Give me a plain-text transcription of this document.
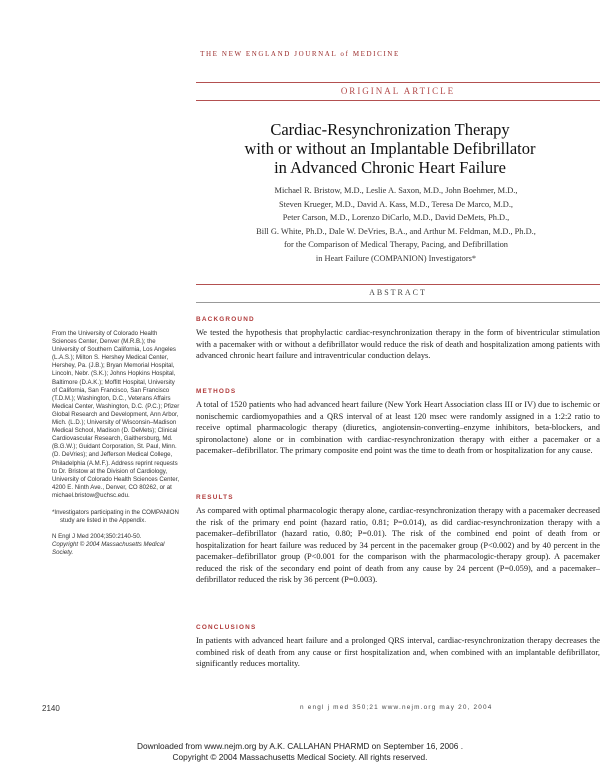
THE NEW ENGLAND JOURNAL of MEDICINE
ORIGINAL ARTICLE
Cardiac-Resynchronization Therapy
with or without an Implantable Defibrillator
in Advanced Chronic Heart Failure
Michael R. Bristow, M.D., Leslie A. Saxon, M.D., John Boehmer, M.D.,
Steven Krueger, M.D., David A. Kass, M.D., Teresa De Marco, M.D.,
Peter Carson, M.D., Lorenzo DiCarlo, M.D., David DeMets, Ph.D.,
Bill G. White, Ph.D., Dale W. DeVries, B.A., and Arthur M. Feldman, M.D., Ph.D.,
for the Comparison of Medical Therapy, Pacing, and Defibrillation
in Heart Failure (COMPANION) Investigators*
ABSTRACT
BACKGROUND
We tested the hypothesis that prophylactic cardiac-resynchronization therapy in the form of biventricular stimulation with a pacemaker with or without a defibrillator would reduce the risk of death and hospitalization among patients with advanced chronic heart failure and intraventricular conduction delays.
METHODS
A total of 1520 patients who had advanced heart failure (New York Heart Association class III or IV) due to ischemic or nonischemic cardiomyopathies and a QRS interval of at least 120 msec were randomly assigned in a 1:2:2 ratio to receive optimal pharmacologic therapy (diuretics, angiotensin-converting–enzyme inhibitors, beta-blockers, and spironolactone) alone or in combination with cardiac-resynchronization therapy with either a pacemaker or a pacemaker–defibrillator. The primary composite end point was the time to death from or hospitalization for any cause.
RESULTS
As compared with optimal pharmacologic therapy alone, cardiac-resynchronization therapy with a pacemaker decreased the risk of the primary end point (hazard ratio, 0.81; P=0.014), as did cardiac-resynchronization therapy with a pacemaker–defibrillator (hazard ratio, 0.80; P=0.01). The risk of the combined end point of death from or hospitalization for heart failure was reduced by 34 percent in the pacemaker group (P<0.002) and by 40 percent in the pacemaker–defibrillator group (P<0.001 for the comparison with the pharmacologic-therapy group). A pacemaker reduced the risk of the secondary end point of death from any cause by 24 percent (P=0.059), and a pacemaker–defibrillator reduced the risk by 36 percent (P=0.003).
CONCLUSIONS
In patients with advanced heart failure and a prolonged QRS interval, cardiac-resynchronization therapy decreases the combined risk of death from any cause or first hospitalization and, when combined with an implantable defibrillator, significantly reduces mortality.

From the University of Colorado Health Sciences Center, Denver (M.R.B.); the University of Southern California, Los Angeles (L.A.S.); Milton S. Hershey Medical Center, Hershey, Pa. (J.B.); Bryan Memorial Hospital, Lincoln, Nebr. (S.K.); Johns Hopkins Hospital, Baltimore (D.A.K.); Moffitt Hospital, University of California, San Francisco, San Francisco (T.D.M.); Washington, D.C., Veterans Affairs Medical Center, Washington, D.C. (P.C.); Pfizer Global Research and Development, Ann Arbor, Mich. (L.D.); University of Wisconsin–Madison Medical School, Madison (D. DeMets); Clinical Cardiovascular Research, Gaithersburg, Md. (B.G.W.); Guidant Corporation, St. Paul, Minn. (D. DeVries); and Jefferson Medical College, Philadelphia (A.M.F.). Address reprint requests to Dr. Bristow at the Division of Cardiology, University of Colorado Health Sciences Center, 4200 E. Ninth Ave., Denver, CO 80262, or at michael.bristow@uchsc.edu.

*Investigators participating in the COMPANION study are listed in the Appendix.

N Engl J Med 2004;350:2140-50.

Copyright © 2004 Massachusetts Medical Society.

2140	n engl j med 350;21 www.nejm.org may 20, 2004
Downloaded from www.nejm.org by A.K. CALLAHAN PHARMD on September 16, 2006 .
Copyright © 2004 Massachusetts Medical Society. All rights reserved.
